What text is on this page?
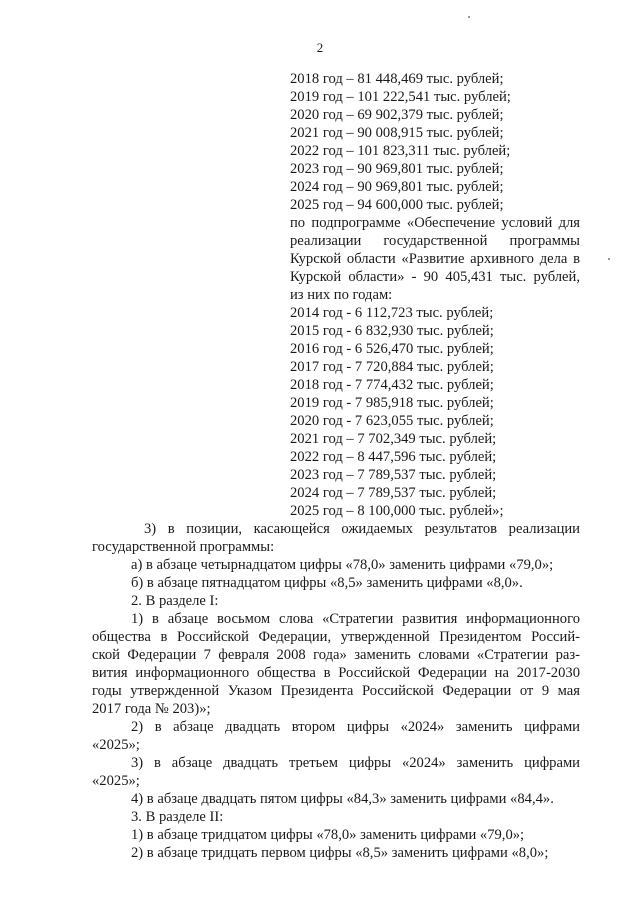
2
2018 год – 81 448,469 тыс. рублей;
2019 год – 101 222,541 тыс. рублей;
2020 год – 69 902,379 тыс. рублей;
2021 год – 90 008,915 тыс. рублей;
2022 год – 101 823,311 тыс. рублей;
2023 год – 90 969,801 тыс. рублей;
2024 год – 90 969,801 тыс. рублей;
2025 год – 94 600,000 тыс. рублей;
по подпрограмме «Обеспечение условий для
реализации государственной программы
Курской области «Развитие архивного дела в
Курской области» - 90 405,431 тыс. рублей,
из них по годам:
2014 год - 6 112,723 тыс. рублей;
2015 год - 6 832,930 тыс. рублей;
2016 год - 6 526,470 тыс. рублей;
2017 год - 7 720,884 тыс. рублей;
2018 год - 7 774,432 тыс. рублей;
2019 год - 7 985,918 тыс. рублей;
2020 год - 7 623,055 тыс. рублей;
2021 год – 7 702,349 тыс. рублей;
2022 год – 8 447,596 тыс. рублей;
2023 год – 7 789,537 тыс. рублей;
2024 год – 7 789,537 тыс. рублей;
2025 год – 8 100,000 тыс. рублей»;
3) в позиции, касающейся ожидаемых результатов реализации
государственной программы:
а) в абзаце четырнадцатом цифры «78,0» заменить цифрами «79,0»;
б) в абзаце пятнадцатом цифры «8,5» заменить цифрами «8,0».
2. В разделе I:
1) в абзаце восьмом слова «Стратегии развития информационного
общества в Российской Федерации, утвержденной Президентом Россий-
ской Федерации 7 февраля 2008 года» заменить словами «Стратегии раз-
вития информационного общества в Российской Федерации на 2017-2030
годы утвержденной Указом Президента Российской Федерации от 9 мая
2017 года № 203)»;
2) в абзаце двадцать втором цифры «2024» заменить цифрами
«2025»;
3) в абзаце двадцать третьем цифры «2024» заменить цифрами
«2025»;
4) в абзаце двадцать пятом цифры «84,3» заменить цифрами «84,4».
3. В разделе II:
1) в абзаце тридцатом цифры «78,0» заменить цифрами «79,0»;
2) в абзаце тридцать первом цифры «8,5» заменить цифрами «8,0»;
